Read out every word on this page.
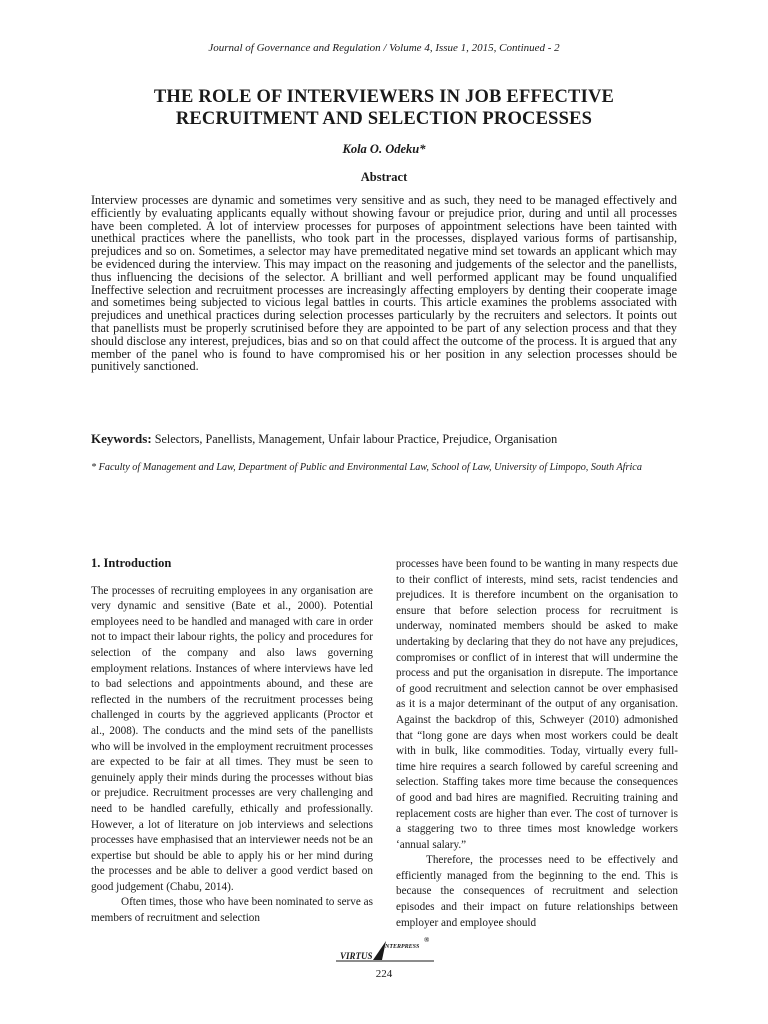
Journal of Governance and Regulation / Volume 4, Issue 1, 2015, Continued - 2
THE ROLE OF INTERVIEWERS IN JOB EFFECTIVE RECRUITMENT AND SELECTION PROCESSES
Kola O. Odeku*
Abstract
Interview processes are dynamic and sometimes very sensitive and as such, they need to be managed effectively and efficiently by evaluating applicants equally without showing favour or prejudice prior, during and until all processes have been completed. A lot of interview processes for purposes of appointment selections have been tainted with unethical practices where the panellists, who took part in the processes, displayed various forms of partisanship, prejudices and so on. Sometimes, a selector may have premeditated negative mind set towards an applicant which may be evidenced during the interview. This may impact on the reasoning and judgements of the selector and the panellists, thus influencing the decisions of the selector. A brilliant and well performed applicant may be found unqualified Ineffective selection and recruitment processes are increasingly affecting employers by denting their cooperate image and sometimes being subjected to vicious legal battles in courts. This article examines the problems associated with prejudices and unethical practices during selection processes particularly by the recruiters and selectors. It points out that panellists must be properly scrutinised before they are appointed to be part of any selection process and that they should disclose any interest, prejudices, bias and so on that could affect the outcome of the process. It is argued that any member of the panel who is found to have compromised his or her position in any selection processes should be punitively sanctioned.
Keywords: Selectors, Panellists, Management, Unfair labour Practice, Prejudice, Organisation
* Faculty of Management and Law, Department of Public and Environmental Law, School of Law, University of Limpopo, South Africa

1. Introduction

The processes of recruiting employees in any organisation are very dynamic and sensitive (Bate et al., 2000). Potential employees need to be handled and managed with care in order not to impact their labour rights, the policy and procedures for selection of the company and also laws governing employment relations. Instances of where interviews have led to bad selections and appointments abound, and these are reflected in the numbers of the recruitment processes being challenged in courts by the aggrieved applicants (Proctor et al., 2008). The conducts and the mind sets of the panellists who will be involved in the employment recruitment processes are expected to be fair at all times. They must be seen to genuinely apply their minds during the processes without bias or prejudice. Recruitment processes are very challenging and need to be handled carefully, ethically and professionally. However, a lot of literature on job interviews and selections processes have emphasised that an interviewer needs not be an expertise but should be able to apply his or her mind during the processes and be able to deliver a good verdict based on good judgement (Chabu, 2014).

Often times, those who have been nominated to serve as members of recruitment and selection

processes have been found to be wanting in many respects due to their conflict of interests, mind sets, racist tendencies and prejudices. It is therefore incumbent on the organisation to ensure that before selection process for recruitment is underway, nominated members should be asked to make undertaking by declaring that they do not have any prejudices, compromises or conflict of in interest that will undermine the process and put the organisation in disrepute. The importance of good recruitment and selection cannot be over emphasised as it is a major determinant of the output of any organisation. Against the backdrop of this, Schweyer (2010) admonished that “long gone are days when most workers could be dealt with in bulk, like commodities. Today, virtually every full-time hire requires a search followed by careful screening and selection. Staffing takes more time because the consequences of good and bad hires are magnified. Recruiting training and replacement costs are higher than ever. The cost of turnover is a staggering two to three times most knowledge workers ‘annual salary.”

Therefore, the processes need to be effectively and efficiently managed from the beginning to the end. This is because the consequences of recruitment and selection episodes and their impact on future relationships between employer and employee should

VIRTUS
NTERPRESS
®
224
